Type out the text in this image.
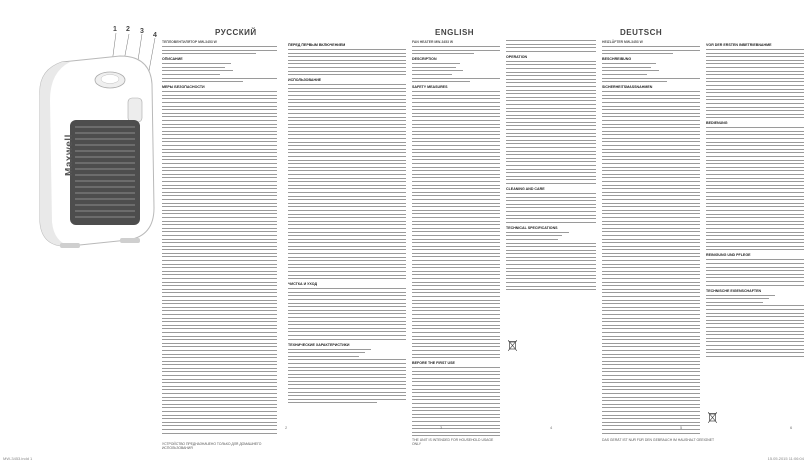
1 2 3
4
Maxwell
РУССКИЙ
ТЕПЛОВЕНТИЛЯТОР MW-3453 W
ОПИСАНИЕ
МЕРЫ БЕЗОПАСНОСТИ
ПЕРЕД ПЕРВЫМ ВКЛЮЧЕНИЕМ
ИСПОЛЬЗОВАНИЕ
ЧИСТКА И УХОД
ТЕХНИЧЕСКИЕ ХАРАКТЕРИСТИКИ
УСТРОЙСТВО ПРЕДНАЗНАЧЕНО ТОЛЬКО ДЛЯ ДОМАШНЕГО ИСПОЛЬЗОВАНИЯ
2
ENGLISH
FAN HEATER MW-3453 W
DESCRIPTION
SAFETY MEASURES
BEFORE THE FIRST USE
OPERATION
CLEANING AND CARE
TECHNICAL SPECIFICATIONS
THE UNIT IS INTENDED FOR HOUSEHOLD USAGE ONLY
3	4
DEUTSCH
HEIZLÜFTER MW-3453 W
BESCHREIBUNG
SICHERHEITSMASSNAHMEN
VOR DER ERSTEN INBETRIEBNAHME
BEDIENUNG
REINIGUNG UND PFLEGE
TECHNISCHE EIGENSCHAFTEN
DAS GERÄT IST NUR FÜR DEN GEBRAUCH IM HAUSHALT GEEIGNET
5	6
MW-3453.indd 1	15.05.2015 11:06:04
